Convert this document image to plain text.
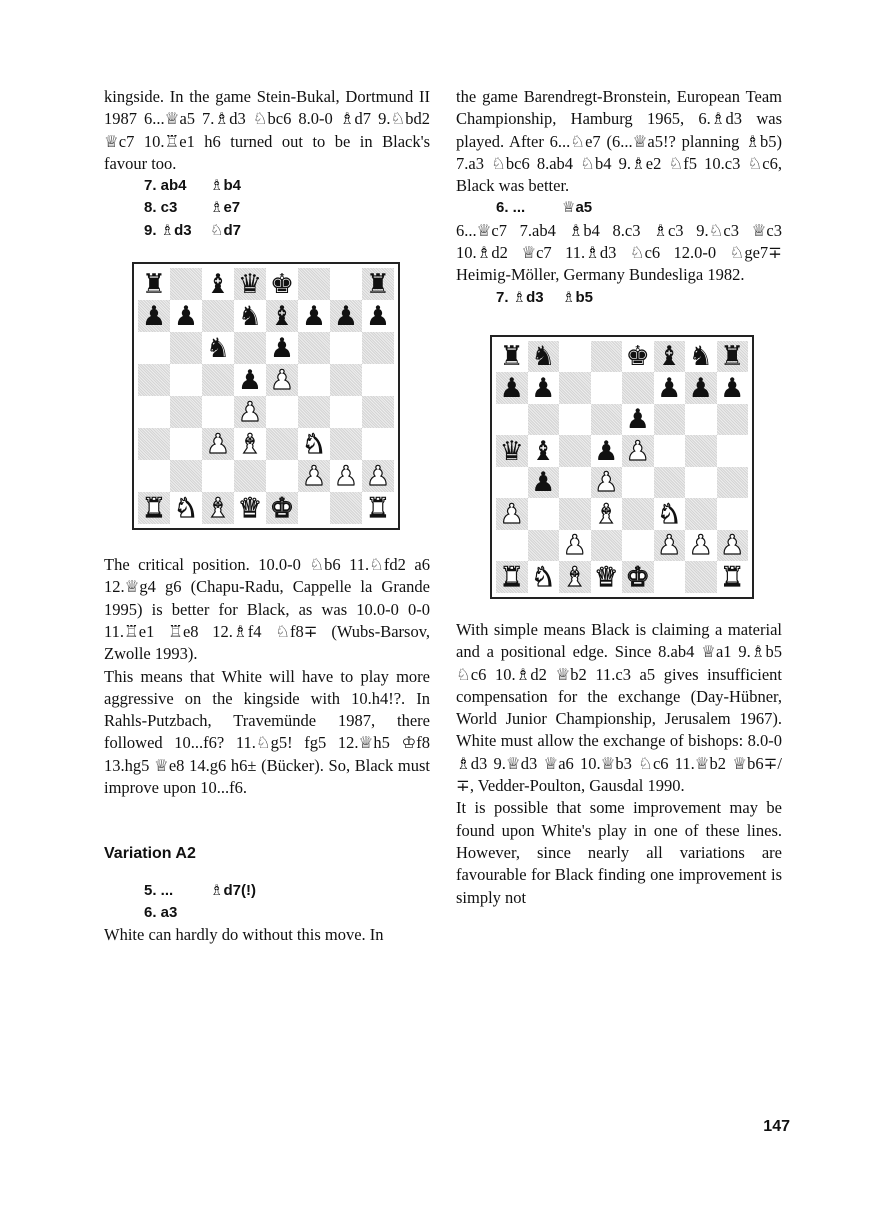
kingside. In the game Stein-Bukal, Dortmund II 1987 6...♕a5 7.♗d3 ♘bc6 8.0-0 ♗d7 9.♘bd2 ♕c7 10.♖e1 h6 turned out to be in Black's favour too.

7. ab4	♗b4
8. c3	♗e7
9. ♗d3	♘d7
♜ ♝ ♛ ♚	♜
♟ ♟ ♞ ♝ ♟ ♟ ♟
♞ ♟
♟ ♟
♟
♟ ♝ ♞
♟ ♟ ♟
♜ ♞ ♝ ♛ ♚	♜

The critical position. 10.0-0 ♘b6 11.♘fd2 a6 12.♕g4 g6 (Chapu-Radu, Cappelle la Grande 1995) is better for Black, as was 10.0-0 0-0 11.♖e1 ♖e8 12.♗f4 ♘f8∓ (Wubs-Barsov, Zwolle 1993).

This means that White will have to play more aggressive on the kingside with 10.h4!?. In Rahls-Putzbach, Travemünde 1987, there followed 10...f6? 11.♘g5! fg5 12.♕h5 ♔f8 13.hg5 ♕e8 14.g6 h6± (Bücker). So, Black must improve upon 10...f6.

Variation A2
5. ...	♗d7(!)
6. a3

White can hardly do without this move. In

the game Barendregt-Bronstein, European Team Championship, Hamburg 1965, 6.♗d3 was played. After 6...♘e7 (6...♕a5!? planning ♗b5) 7.a3 ♘bc6 8.ab4 ♘b4 9.♗e2 ♘f5 10.c3 ♘c6, Black was better.

6. ...	♕a5

6...♕c7 7.ab4 ♗b4 8.c3 ♗c3 9.♘c3 ♕c3 10.♗d2 ♕c7 11.♗d3 ♘c6 12.0-0 ♘ge7∓ Heimig-Möller, Germany Bundesliga 1982.

7. ♗d3	♗b5
♜ ♞	♚ ♝ ♞ ♜
♟ ♟	♟ ♟ ♟
♟
♛ ♝ ♟ ♟
♟ ♟
♟	♝ ♞
♟	♟ ♟ ♟
♜ ♞ ♝ ♛ ♚	♜

With simple means Black is claiming a material and a positional edge. Since 8.ab4 ♕a1 9.♗b5 ♘c6 10.♗d2 ♕b2 11.c3 a5 gives insufficient compensation for the exchange (Day-Hübner, World Junior Championship, Jerusalem 1967). White must allow the exchange of bishops: 8.0-0 ♗d3 9.♕d3 ♕a6 10.♕b3 ♘c6 11.♕b2 ♕b6∓/∓, Vedder-Poulton, Gausdal 1990.

It is possible that some improvement may be found upon White's play in one of these lines. However, since nearly all variations are favourable for Black finding one improvement is simply not

147
